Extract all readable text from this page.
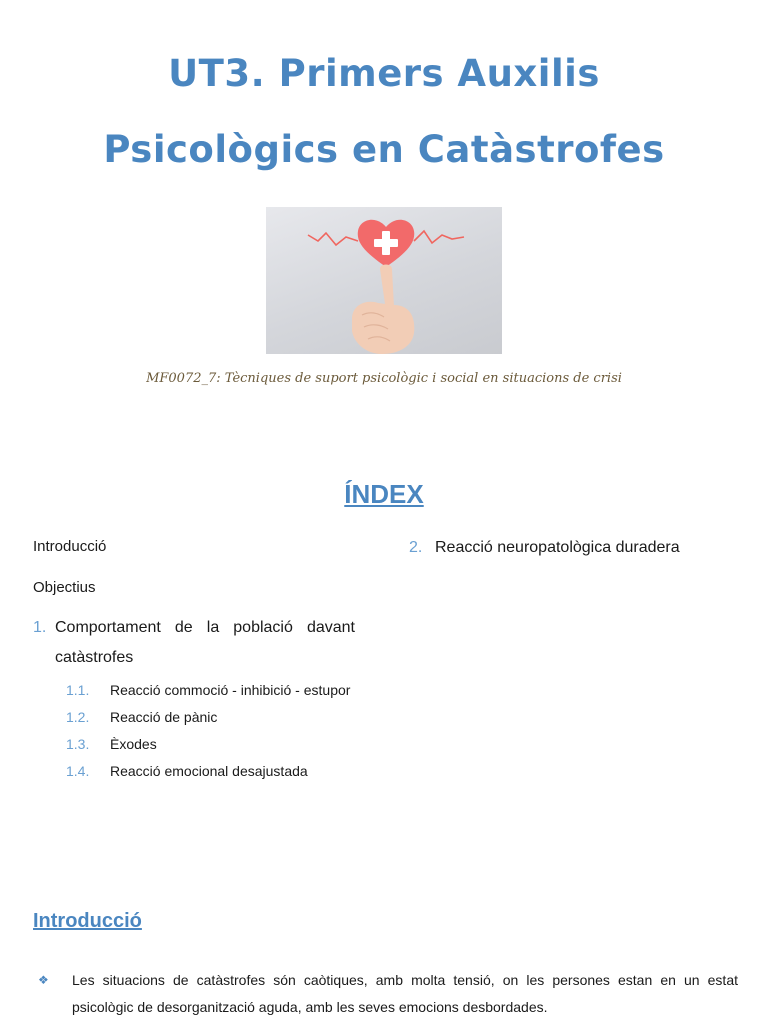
UT3. Primers Auxilis
Psicològics en Catàstrofes
MF0072_7: Tècniques de suport psicològic i social en situacions de crisi
ÍNDEX
Introducció
Objectius
1. Comportament de la població davant catàstrofes
1.1.	Reacció commoció - inhibició - estupor
1.2.	Reacció de pànic
1.3.	Èxodes
1.4.	Reacció emocional desajustada
2. Reacció neuropatològica duradera
Introducció
❖	Les situacions de catàstrofes són caòtiques, amb molta tensió, on les persones estan en un estat psicològic de desorganització aguda, amb les seves emocions desbordades.
